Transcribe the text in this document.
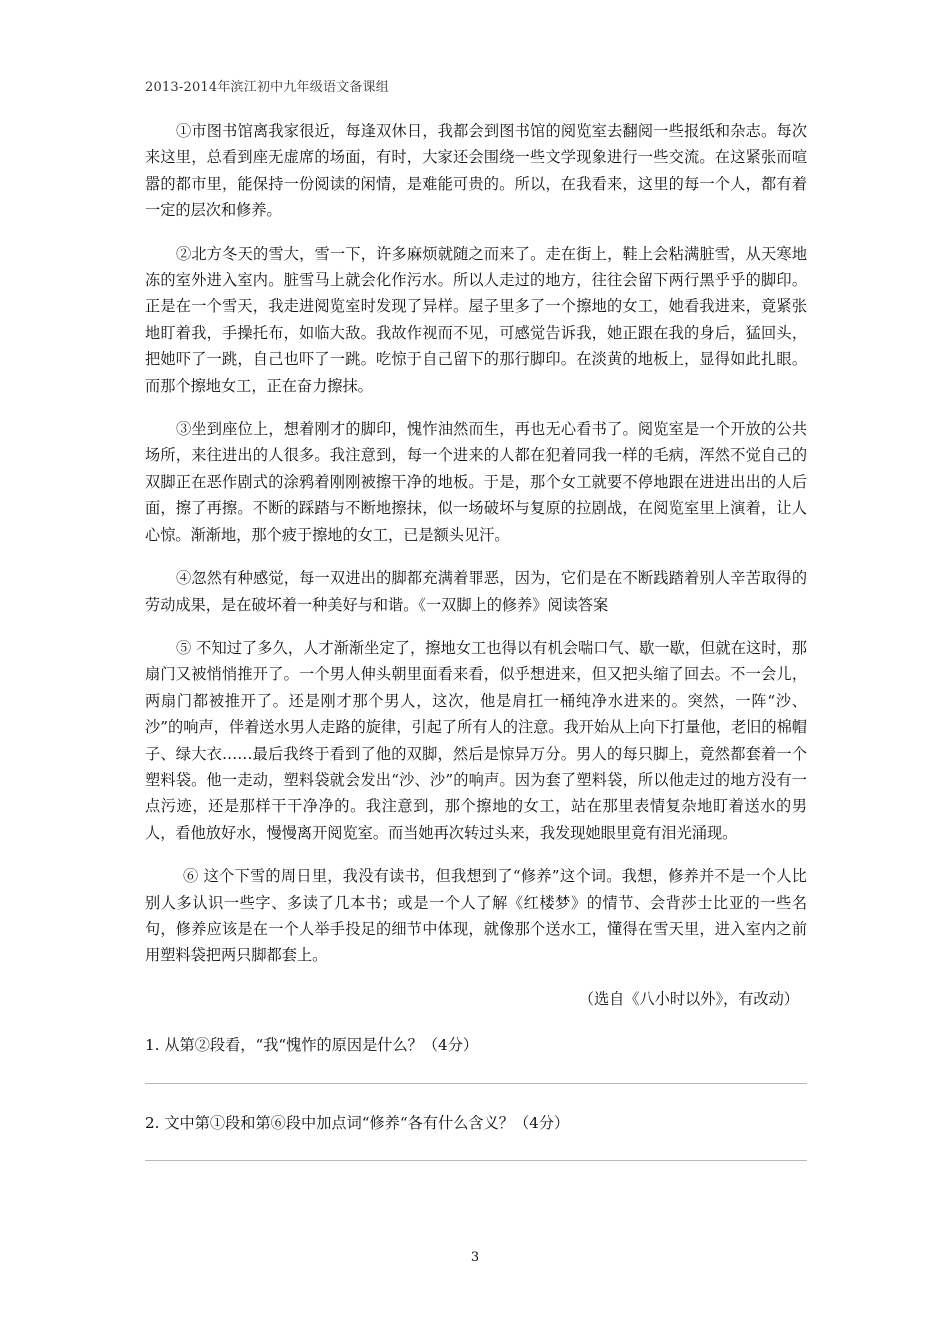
2013-2014年滨江初中九年级语文备课组

①市图书馆离我家很近，每逢双休日，我都会到图书馆的阅览室去翻阅一些报纸和杂志。每次来这里，总看到座无虚席的场面，有时，大家还会围绕一些文学现象进行一些交流。在这紧张而喧嚣的都市里，能保持一份阅读的闲情，是难能可贵的。所以，在我看来，这里的每一个人，都有着一定的层次和修养。

②北方冬天的雪大，雪一下，许多麻烦就随之而来了。走在街上，鞋上会粘满脏雪，从天寒地冻的室外进入室内。脏雪马上就会化作污水。所以人走过的地方，往往会留下两行黑乎乎的脚印。正是在一个雪天，我走进阅览室时发现了异样。屋子里多了一个擦地的女工，她看我进来，竟紧张地盯着我，手操托布，如临大敌。我故作视而不见，可感觉告诉我，她正跟在我的身后，猛回头，把她吓了一跳，自己也吓了一跳。吃惊于自己留下的那行脚印。在淡黄的地板上，显得如此扎眼。而那个擦地女工，正在奋力擦抹。

③坐到座位上，想着刚才的脚印，愧怍油然而生，再也无心看书了。阅览室是一个开放的公共场所，来往进出的人很多。我注意到，每一个进来的人都在犯着同我一样的毛病，浑然不觉自己的双脚正在恶作剧式的涂鸦着刚刚被擦干净的地板。于是，那个女工就要不停地跟在进进出出的人后面，擦了再擦。不断的踩踏与不断地擦抹，似一场破坏与复原的拉剧战，在阅览室里上演着，让人心惊。渐渐地，那个疲于擦地的女工，已是额头见汗。

④忽然有种感觉，每一双进出的脚都充满着罪恶，因为，它们是在不断践踏着别人辛苦取得的劳动成果，是在破坏着一种美好与和谐。《一双脚上的修养》阅读答案

⑤ 不知过了多久，人才渐渐坐定了，擦地女工也得以有机会喘口气、歇一歇，但就在这时，那扇门又被悄悄推开了。一个男人伸头朝里面看来看，似乎想进来，但又把头缩了回去。不一会儿，两扇门都被推开了。还是刚才那个男人，这次，他是肩扛一桶纯净水进来的。突然，一阵“沙、沙”的响声，伴着送水男人走路的旋律，引起了所有人的注意。我开始从上向下打量他，老旧的棉帽子、绿大衣……最后我终于看到了他的双脚，然后是惊异万分。男人的每只脚上，竟然都套着一个塑料袋。他一走动，塑料袋就会发出“沙、沙”的响声。因为套了塑料袋，所以他走过的地方没有一点污迹，还是那样干干净净的。我注意到，那个擦地的女工，站在那里表情复杂地盯着送水的男人，看他放好水，慢慢离开阅览室。而当她再次转过头来，我发现她眼里竟有泪光涌现。

⑥ 这个下雪的周日里，我没有读书，但我想到了“修养”这个词。我想，修养并不是一个人比别人多认识一些字、多读了几本书；或是一个人了解《红楼梦》的情节、会背莎士比亚的一些名句，修养应该是在一个人举手投足的细节中体现，就像那个送水工，懂得在雪天里，进入室内之前用塑料袋把两只脚都套上。

（选自《八小时以外》，有改动）
1. 从第②段看，“我“愧怍的原因是什么？（4分）
2. 文中第①段和第⑥段中加点词“修养“各有什么含义？（4分）
3
